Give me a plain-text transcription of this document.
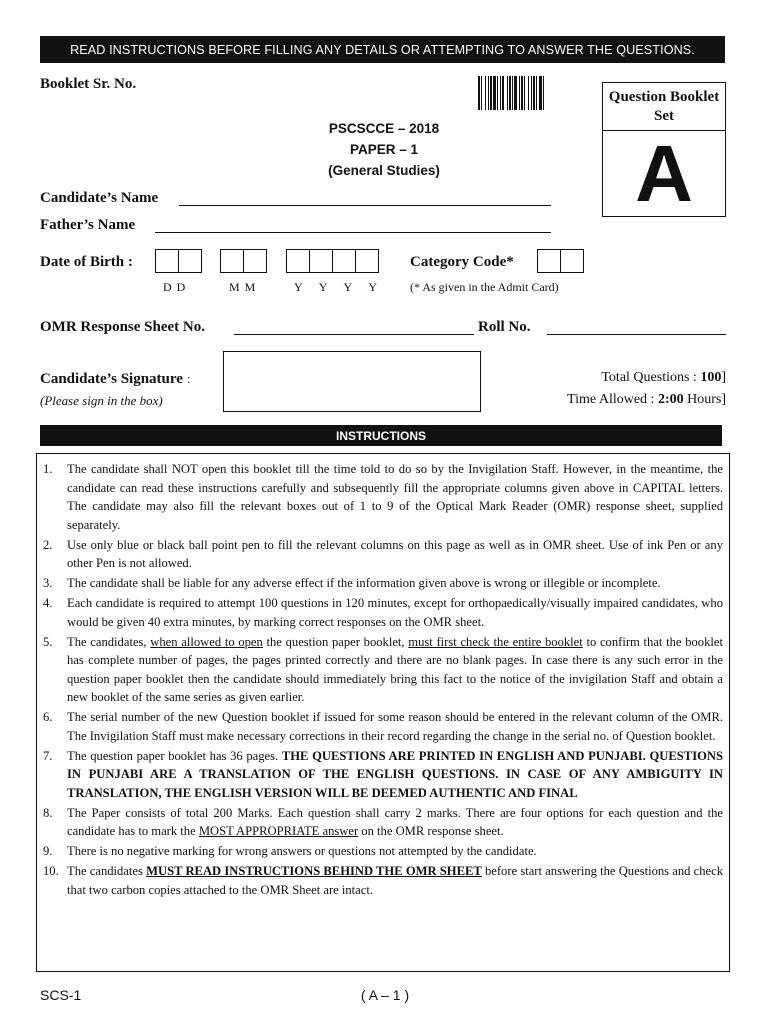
READ INSTRUCTIONS BEFORE FILLING ANY DETAILS OR ATTEMPTING TO ANSWER THE QUESTIONS.
Booklet Sr. No.
Question Booklet
Set
A
PSCSCCE – 2018
PAPER – 1
(General Studies)
Candidate’s Name
Father’s Name
Date of Birth :
D D	M M	Y Y Y Y
Category Code*
(* As given in the Admit Card)
OMR Response Sheet No.	Roll No.
Candidate’s Signature :
(Please sign in the box)
Total Questions : 100]
Time Allowed : 2:00 Hours]
INSTRUCTIONS
1. The candidate shall NOT open this booklet till the time told to do so by the Invigilation Staff. However, in the meantime, the candidate can read these instructions carefully and subsequently fill the appropriate columns given above in CAPITAL letters. The candidate may also fill the relevant boxes out of 1 to 9 of the Optical Mark Reader (OMR) response sheet, supplied separately.
2. Use only blue or black ball point pen to fill the relevant columns on this page as well as in OMR sheet. Use of ink Pen or any other Pen is not allowed.
3. The candidate shall be liable for any adverse effect if the information given above is wrong or illegible or incomplete.
4. Each candidate is required to attempt 100 questions in 120 minutes, except for orthopaedically/visually impaired candidates, who would be given 40 extra minutes, by marking correct responses on the OMR sheet.
5. The candidates, when allowed to open the question paper booklet, must first check the entire booklet to confirm that the booklet has complete number of pages, the pages printed correctly and there are no blank pages. In case there is any such error in the question paper booklet then the candidate should immediately bring this fact to the notice of the invigilation Staff and obtain a new booklet of the same series as given earlier.
6. The serial number of the new Question booklet if issued for some reason should be entered in the relevant column of the OMR. The Invigilation Staff must make necessary corrections in their record regarding the change in the serial no. of Question booklet.
7. The question paper booklet has 36 pages. THE QUESTIONS ARE PRINTED IN ENGLISH AND PUNJABI. QUESTIONS IN PUNJABI ARE A TRANSLATION OF THE ENGLISH QUESTIONS. IN CASE OF ANY AMBIGUITY IN TRANSLATION, THE ENGLISH VERSION WILL BE DEEMED AUTHENTIC AND FINAL
8. The Paper consists of total 200 Marks. Each question shall carry 2 marks. There are four options for each question and the candidate has to mark the MOST APPROPRIATE answer on the OMR response sheet.
9. There is no negative marking for wrong answers or questions not attempted by the candidate.
10. The candidates MUST READ INSTRUCTIONS BEHIND THE OMR SHEET before start answering the Questions and check that two carbon copies attached to the OMR Sheet are intact.
SCS-1	( A – 1 )
